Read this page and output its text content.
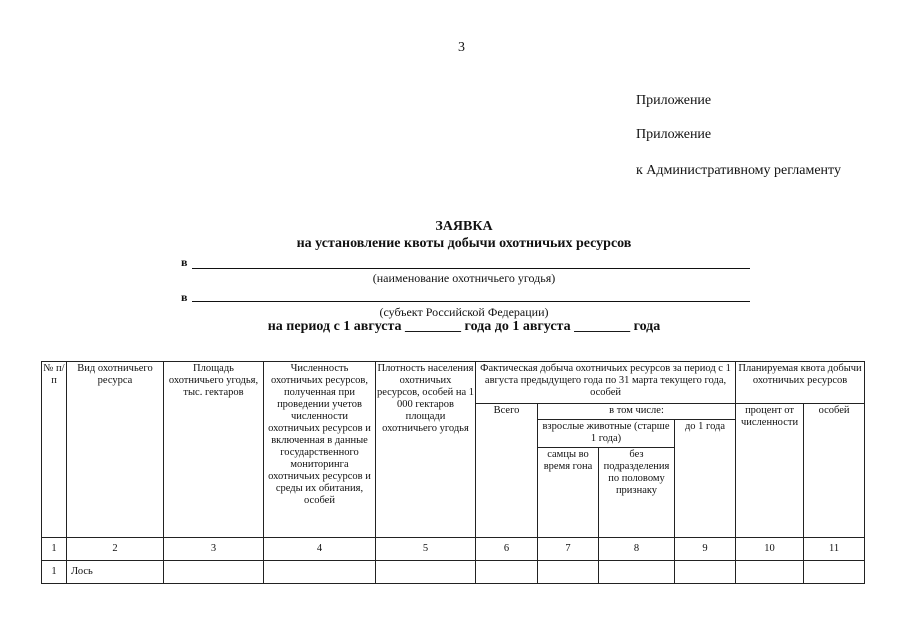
3
Приложение
Приложение
к Административному регламенту
ЗАЯВКА
на установление квоты добычи охотничьих ресурсов
в
(наименование охотничьего угодья)
в
(субъект Российской Федерации)
на период с 1 августа ________ года до 1 августа ________ года
№ п/п	Вид охотничьего ресурса	Площадь охотничьего угодья, тыс. гектаров	Численность охотничьих ресурсов, полученная при проведении учетов численности охотничьих ресурсов и включенная в данные государственного мониторинга охотничьих ресурсов и среды их обитания, особей	Плотность населения охотничьих ресурсов, особей на 1 000 гектаров площади охотничьего угодья	Фактическая добыча охотничьих ресурсов за период с 1 августа предыдущего года по 31 марта текущего года, особей				Планируемая квота добычи охотничьих ресурсов	
					Всего	в том числе:			процент от численности	особей
						взрослые животные (старше 1 года)		до 1 года		
						самцы во время гона	без подразделения по половому признаку			
1	2	3	4	5	6	7	8	9	10	11
1	Лось									
